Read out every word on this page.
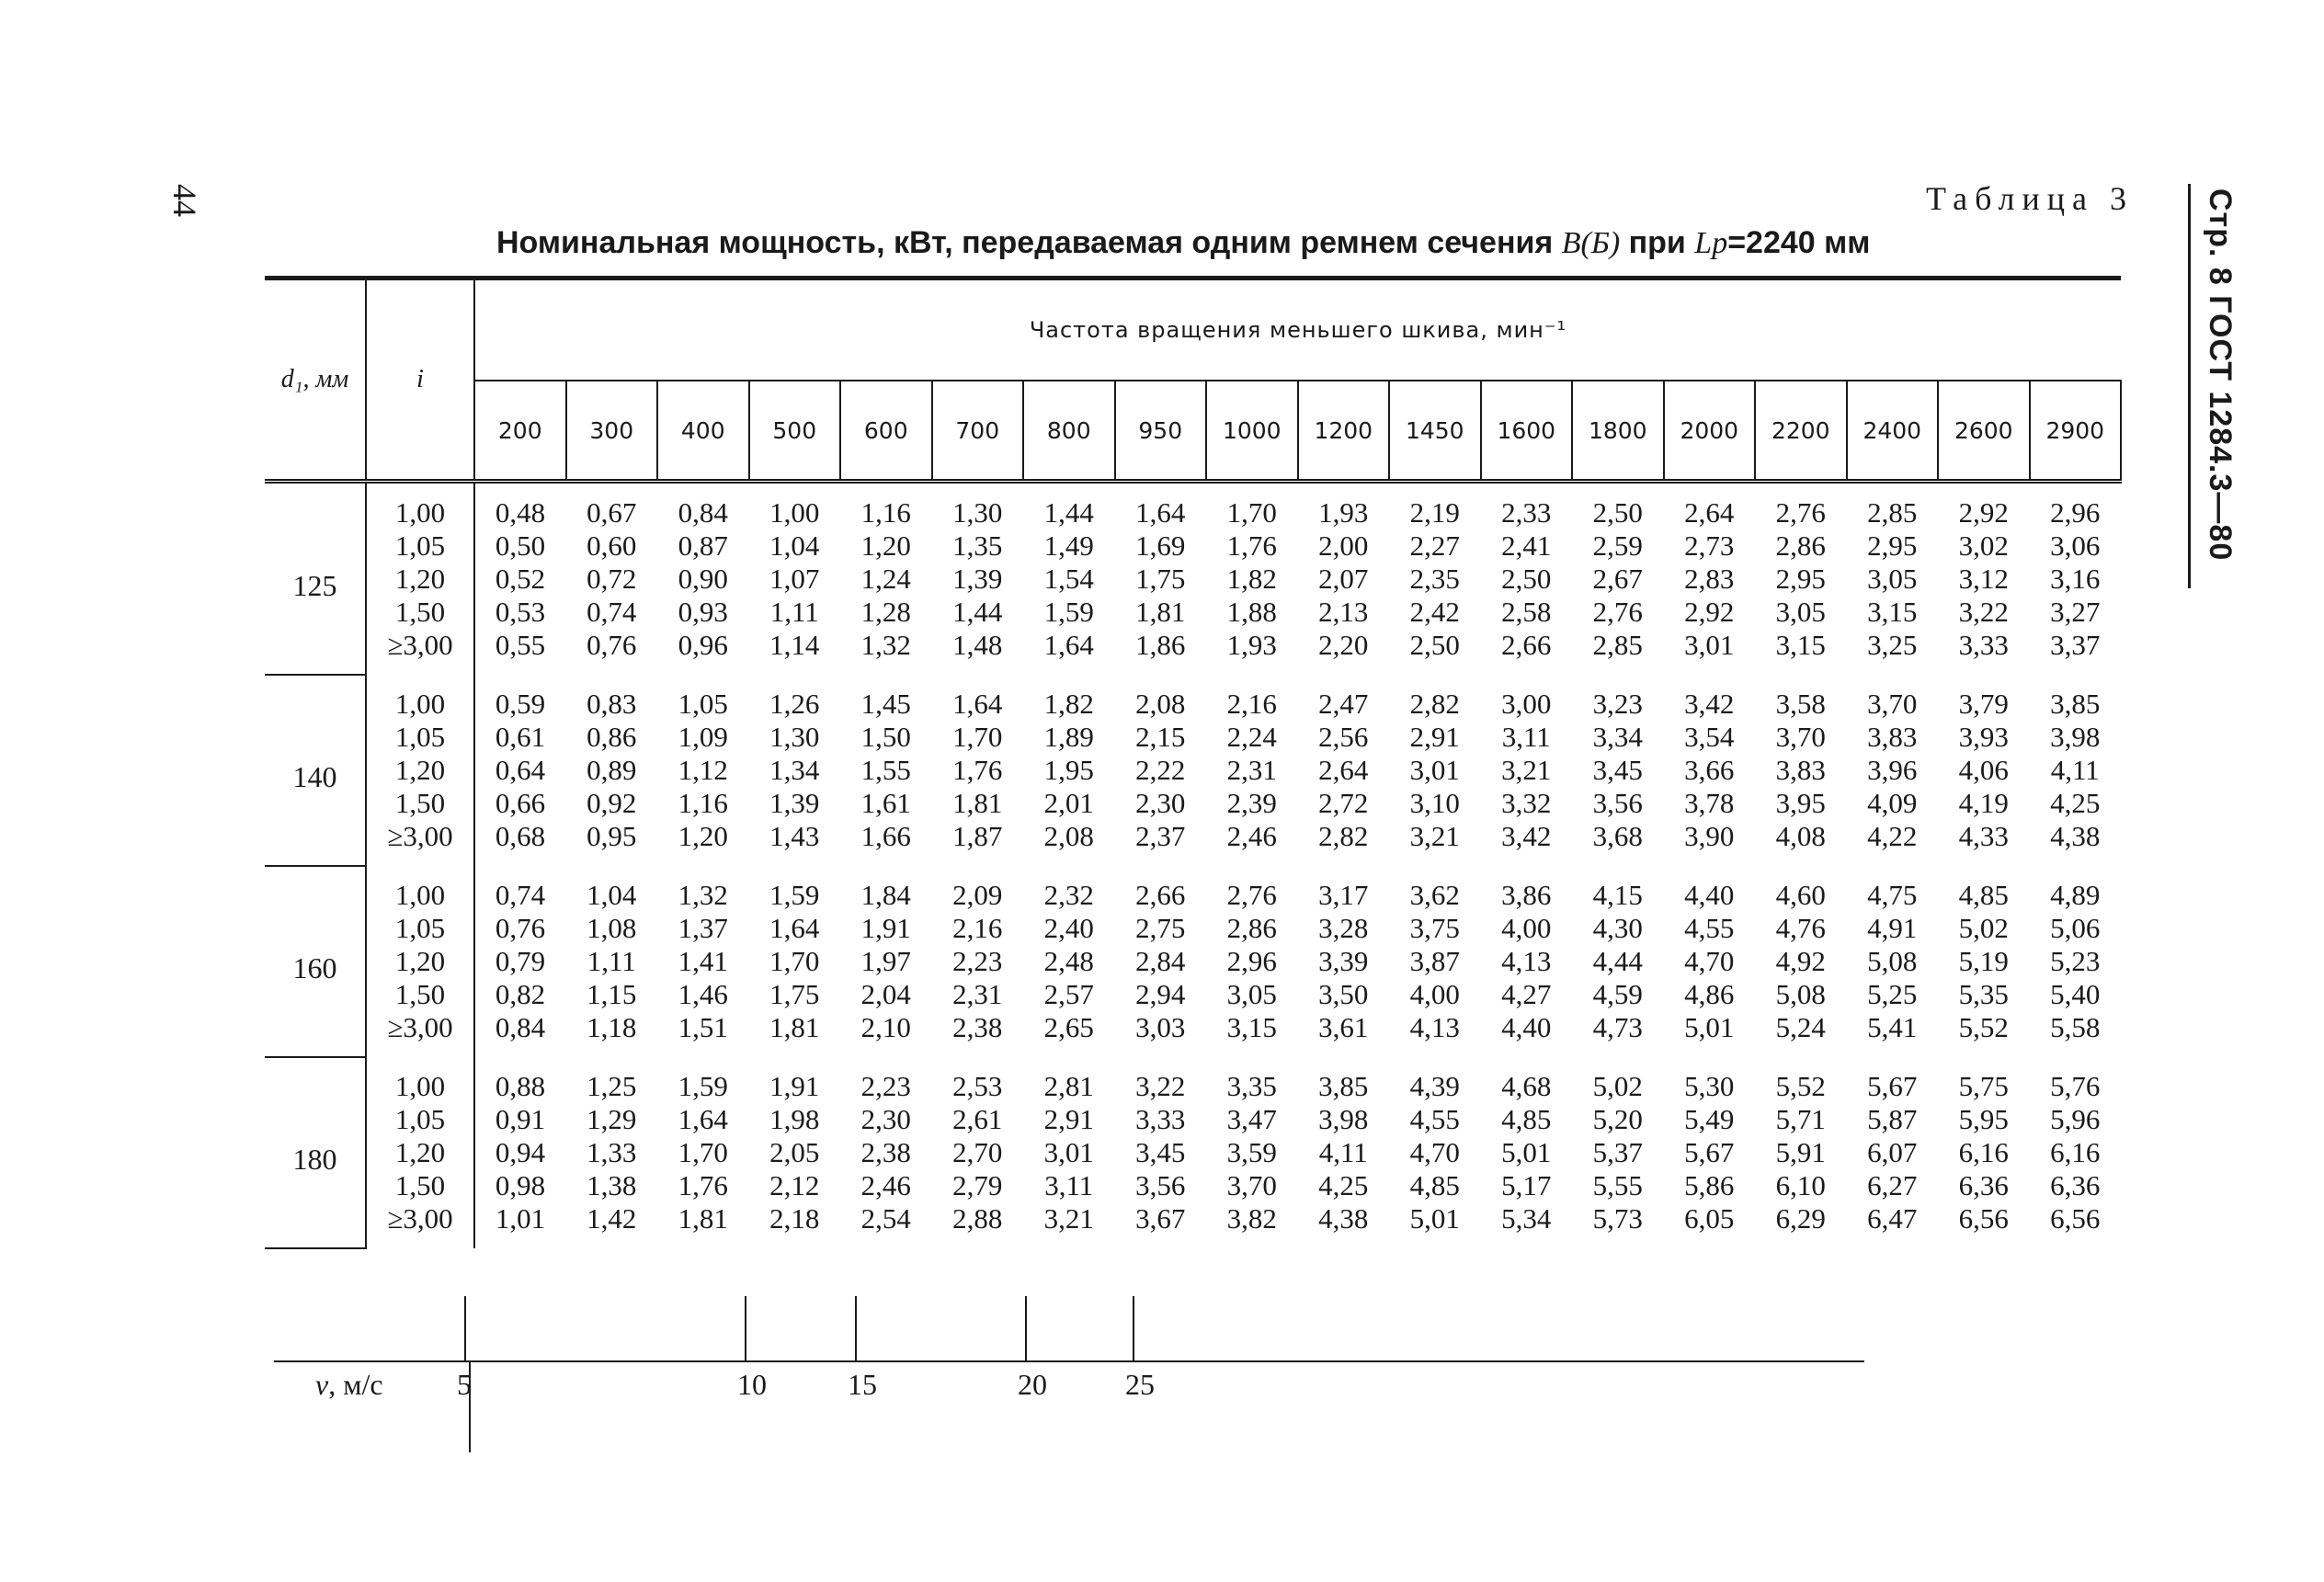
44	Стр. 8 ГОСТ 1284.3—80
Таблица 3
Номинальная мощность, кВт, передаваемая одним ремнем сечения В(Б) при Lр=2240 мм
d₁, мм	i	Частота вращения меньшего шкива, мин⁻¹																	
		200	300	400	500	600	700	800	950	1000	1200	1450	1600	1800	2000	2200	2400	2600	2900
125	1,00	0,48	0,67	0,84	1,00	1,16	1,30	1,44	1,64	1,70	1,93	2,19	2,33	2,50	2,64	2,76	2,85	2,92	2,96
	1,05	0,50	0,60	0,87	1,04	1,20	1,35	1,49	1,69	1,76	2,00	2,27	2,41	2,59	2,73	2,86	2,95	3,02	3,06
	1,20	0,52	0,72	0,90	1,07	1,24	1,39	1,54	1,75	1,82	2,07	2,35	2,50	2,67	2,83	2,95	3,05	3,12	3,16
	1,50	0,53	0,74	0,93	1,11	1,28	1,44	1,59	1,81	1,88	2,13	2,42	2,58	2,76	2,92	3,05	3,15	3,22	3,27
	≥3,00	0,55	0,76	0,96	1,14	1,32	1,48	1,64	1,86	1,93	2,20	2,50	2,66	2,85	3,01	3,15	3,25	3,33	3,37
140	1,00	0,59	0,83	1,05	1,26	1,45	1,64	1,82	2,08	2,16	2,47	2,82	3,00	3,23	3,42	3,58	3,70	3,79	3,85
	1,05	0,61	0,86	1,09	1,30	1,50	1,70	1,89	2,15	2,24	2,56	2,91	3,11	3,34	3,54	3,70	3,83	3,93	3,98
	1,20	0,64	0,89	1,12	1,34	1,55	1,76	1,95	2,22	2,31	2,64	3,01	3,21	3,45	3,66	3,83	3,96	4,06	4,11
	1,50	0,66	0,92	1,16	1,39	1,61	1,81	2,01	2,30	2,39	2,72	3,10	3,32	3,56	3,78	3,95	4,09	4,19	4,25
	≥3,00	0,68	0,95	1,20	1,43	1,66	1,87	2,08	2,37	2,46	2,82	3,21	3,42	3,68	3,90	4,08	4,22	4,33	4,38
160	1,00	0,74	1,04	1,32	1,59	1,84	2,09	2,32	2,66	2,76	3,17	3,62	3,86	4,15	4,40	4,60	4,75	4,85	4,89
	1,05	0,76	1,08	1,37	1,64	1,91	2,16	2,40	2,75	2,86	3,28	3,75	4,00	4,30	4,55	4,76	4,91	5,02	5,06
	1,20	0,79	1,11	1,41	1,70	1,97	2,23	2,48	2,84	2,96	3,39	3,87	4,13	4,44	4,70	4,92	5,08	5,19	5,23
	1,50	0,82	1,15	1,46	1,75	2,04	2,31	2,57	2,94	3,05	3,50	4,00	4,27	4,59	4,86	5,08	5,25	5,35	5,40
	≥3,00	0,84	1,18	1,51	1,81	2,10	2,38	2,65	3,03	3,15	3,61	4,13	4,40	4,73	5,01	5,24	5,41	5,52	5,58
180	1,00	0,88	1,25	1,59	1,91	2,23	2,53	2,81	3,22	3,35	3,85	4,39	4,68	5,02	5,30	5,52	5,67	5,75	5,76
	1,05	0,91	1,29	1,64	1,98	2,30	2,61	2,91	3,33	3,47	3,98	4,55	4,85	5,20	5,49	5,71	5,87	5,95	5,96
	1,20	0,94	1,33	1,70	2,05	2,38	2,70	3,01	3,45	3,59	4,11	4,70	5,01	5,37	5,67	5,91	6,07	6,16	6,16
	1,50	0,98	1,38	1,76	2,12	2,46	2,79	3,11	3,56	3,70	4,25	4,85	5,17	5,55	5,86	6,10	6,27	6,36	6,36
	≥3,00	1,01	1,42	1,81	2,18	2,54	2,88	3,21	3,67	3,82	4,38	5,01	5,34	5,73	6,05	6,29	6,47	6,56	6,56
v, м/с	5	10	15	20	25
